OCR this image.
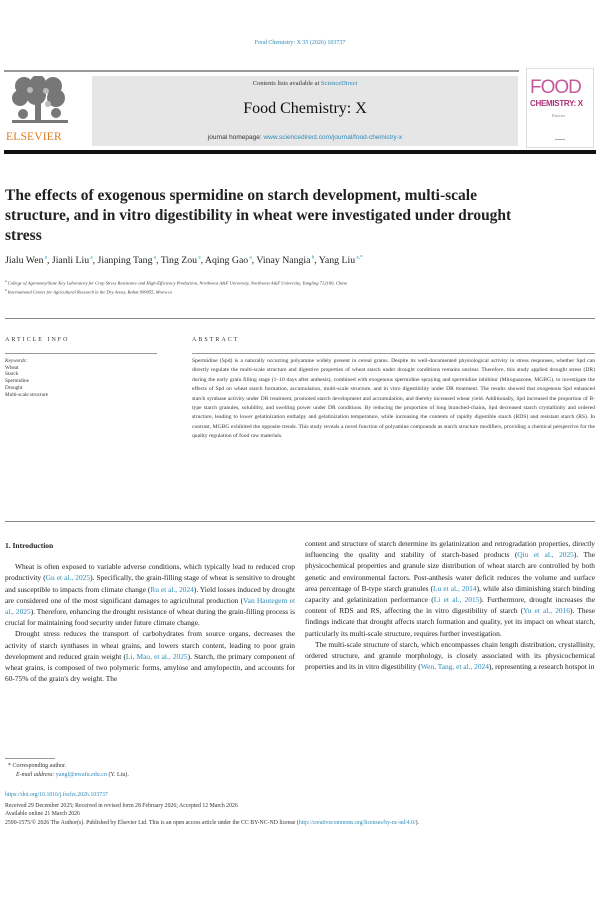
Food Chemistry: X 35 (2026) 103737
ELSEVIER
Contents lists available at ScienceDirect
Food Chemistry: X
journal homepage: www.sciencedirect.com/journal/food-chemistry-x
FOOD
CHEMISTRY: X
Elsevier
The effects of exogenous spermidine on starch development, multi-scale structure, and in vitro digestibility in wheat were investigated under drought stress
Jialu Wen $^a$, Jianli Liu $^a$, Jianping Tang $^a$, Ting Zou $^a$, Aqing Gao $^a$, Vinay Nangia $^b$, Yang Liu $^{a,*}$
$^a$ College of Agronomy/State Key Laboratory for Crop Stress Resistance and High-Efficiency Production, Northwest A&F University, Northwest A&F University, Yangling 712100, China
$^b$ International Center for Agricultural Research in the Dry Areas, Rabat 999055, Morocco
ARTICLE INFO	ABSTRACT
Keywords:
Wheat
Starch
Spermidine
Drought
Multi-scale structure

Spermidine (Spd) is a naturally occurring polyamine widely present in cereal grains. Despite its well-documented physiological activity in stress responses, whether Spd can directly regulate the multi-scale structure and digestive properties of wheat starch under drought conditions remains unclear. Therefore, this study applied drought stress (DR) during the early grain filling stage (1–10 days after anthesis), combined with exogenous spermidine spraying and spermidine inhibitor (Mitoguazone, MGBG), to investigate the effects of Spd on wheat starch formation, accumulation, multi-scale structure, and in vitro digestibility under DR treatment. The results showed that exogenous Spd enhanced starch synthase activity under DR treatment, promoted starch development and accumulation, and thereby increased wheat yield. Additionally, Spd increased the proportion of B-type starch granules, solubility, and swelling power under DR conditions. By reducing the proportion of long branched-chains, Spd decreased starch crystallinity and ordered structure, leading to lower gelatinization enthalpy and gelatinization temperature, while increasing the contents of rapidly digestible starch (RDS) and resistant starch (RS). In contrast, MGBG exhibited the opposite trends. This study reveals a novel function of polyamine compounds as starch structure modifiers, providing a chemical perspective for the quality regulation of food raw materials.

1. Introduction

Wheat is often exposed to variable adverse conditions, which typically lead to reduced crop productivity (Gu et al., 2025). Specifically, the grain-filling stage of wheat is sensitive to drought and susceptible to impacts from climate change (Ru et al., 2024). Yield losses induced by drought are considered one of the most significant damages to agricultural production (Van Hautegem et al., 2025). Therefore, enhancing the drought resistance of wheat during the grain-filling process is crucial for maintaining food security under future climate change.

Drought stress reduces the transport of carbohydrates from source organs, decreases the activity of starch synthases in wheat grains, and lowers starch content, leading to poor grain development and reduced grain weight (Li, Mao, et al., 2025). Starch, the primary component of wheat grains, is composed of two polymeric forms, amylose and amylopectin, and accounts for 60-75% of the grain's dry weight. The

content and structure of starch determine its gelatinization and retrogradation properties, directly influencing the quality and stability of starch-based products (Qiu et al., 2025). The physicochemical properties and granule size distribution of wheat starch are controlled by both genetic and environmental factors. Post-anthesis water deficit reduces the volume and surface area percentage of B-type starch granules (Lu et al., 2014), while also diminishing starch binding capacity and gelatinization performance (Li et al., 2015). Furthermore, drought increases the content of RDS and RS, affecting the in vitro digestibility of starch (Yu et al., 2016). These findings indicate that drought affects starch formation and quality, yet its impact on wheat starch, particularly its multi-scale structure, requires further investigation.

The multi-scale structure of starch, which encompasses chain length distribution, crystallinity, ordered structure, and granule morphology, is closely associated with its physicochemical properties and its in vitro digestibility (Wen, Tang, et al., 2024), representing a research hotspot in

* Corresponding author.
E-mail address: yangl@nwafu.edu.cn (Y. Liu).
https://doi.org/10.1016/j.fochx.2026.103737
Received 29 December 2025; Received in revised form 28 February 2026; Accepted 12 March 2026
Available online 21 March 2026
2590-1575/© 2026 The Author(s). Published by Elsevier Ltd. This is an open access article under the CC BY-NC-ND license (http://creativecommons.org/licenses/by-nc-nd/4.0/).
